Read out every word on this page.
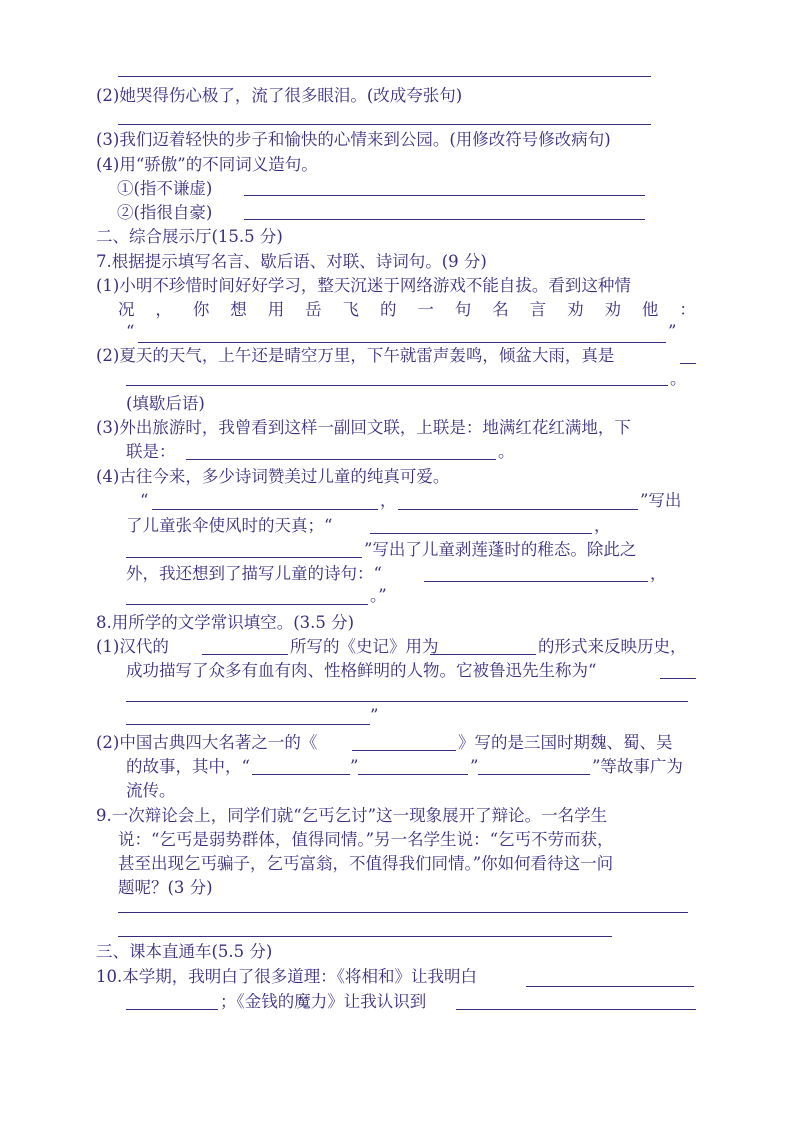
(2)她哭得伤心极了，流了很多眼泪。(改成夸张句)
(3)我们迈着轻快的步子和愉快的心情来到公园。(用修改符号修改病句)
(4)用“骄傲”的不同词义造句。
①(指不谦虚)
②(指很自豪)
二、综合展示厅(15.5 分)
7.根据提示填写名言、歇后语、对联、诗词句。(9 分)
(1)小明不珍惜时间好好学习，整天沉迷于网络游戏不能自拔。看到这种情
况 ， 你 想 用 岳 飞 的 一 句 名 言 劝 劝 他 ：
“	”
(2)夏天的天气，上午还是晴空万里，下午就雷声轰鸣，倾盆大雨，真是
。
(填歇后语)
(3)外出旅游时，我曾看到这样一副回文联，上联是：地满红花红满地，下
联是：	。
(4)古往今来，多少诗词赞美过儿童的纯真可爱。
“	，	”写出
了儿童张伞使风时的天真；“	，
”写出了儿童剥莲蓬时的稚态。除此之
外，我还想到了描写儿童的诗句：“	，
。”
8.用所学的文学常识填空。(3.5 分)
(1)汉代的	所写的《史记》用为	的形式来反映历史，
成功描写了众多有血有肉、性格鲜明的人物。它被鲁迅先生称为“
”
(2)中国古典四大名著之一的《	》写的是三国时期魏、蜀、吴
的故事，其中，“	”	”	”等故事广为
流传。
9.一次辩论会上，同学们就“乞丐乞讨”这一现象展开了辩论。一名学生
说：“乞丐是弱势群体，值得同情。”另一名学生说：“乞丐不劳而获，
甚至出现乞丐骗子，乞丐富翁，不值得我们同情。”你如何看待这一问
题呢？(3 分)
三、课本直通车(5.5 分)
10.本学期，我明白了很多道理：《将相和》让我明白
；《金钱的魔力》让我认识到
